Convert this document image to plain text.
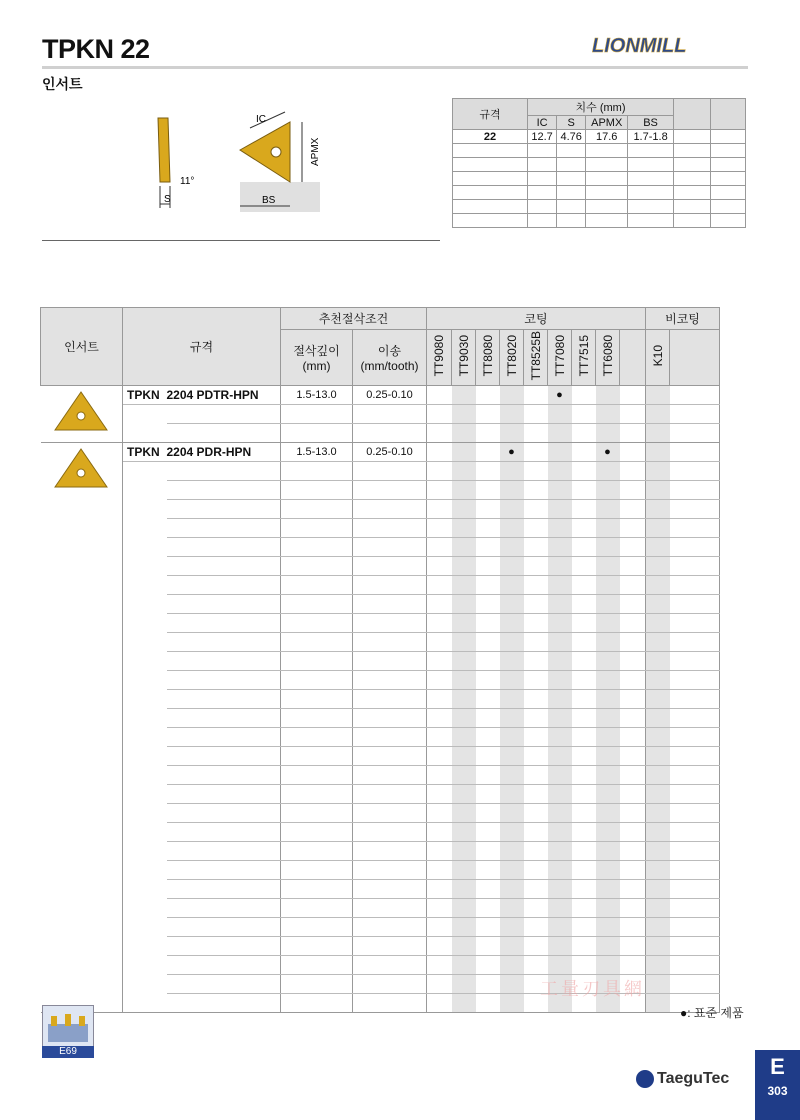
TPKN 22
인서트
LIONMILL
S
11°
IC
APMX
BS
규격	치수 (mm)					
	IC	S	APMX	BS		
22	12.7	4.76	17.6	1.7-1.8		

인서트	규격		추천절삭조건		코팅									비코팅	
			절삭깊이 (mm)	이송 (mm/tooth)	TT9080	TT9030	TT8080	TT8020	TT8525B	TT7080	TT7515	TT6080		K10	
	TPKN	2204 PDTR-HPN	1.5-13.0	0.25-0.10						●					

	TPKN	2204 PDR-HPN	1.5-13.0	0.25-0.10				●				●			

●: 표준 제품
工量刃具網
E69
TaeguTec	E
303
